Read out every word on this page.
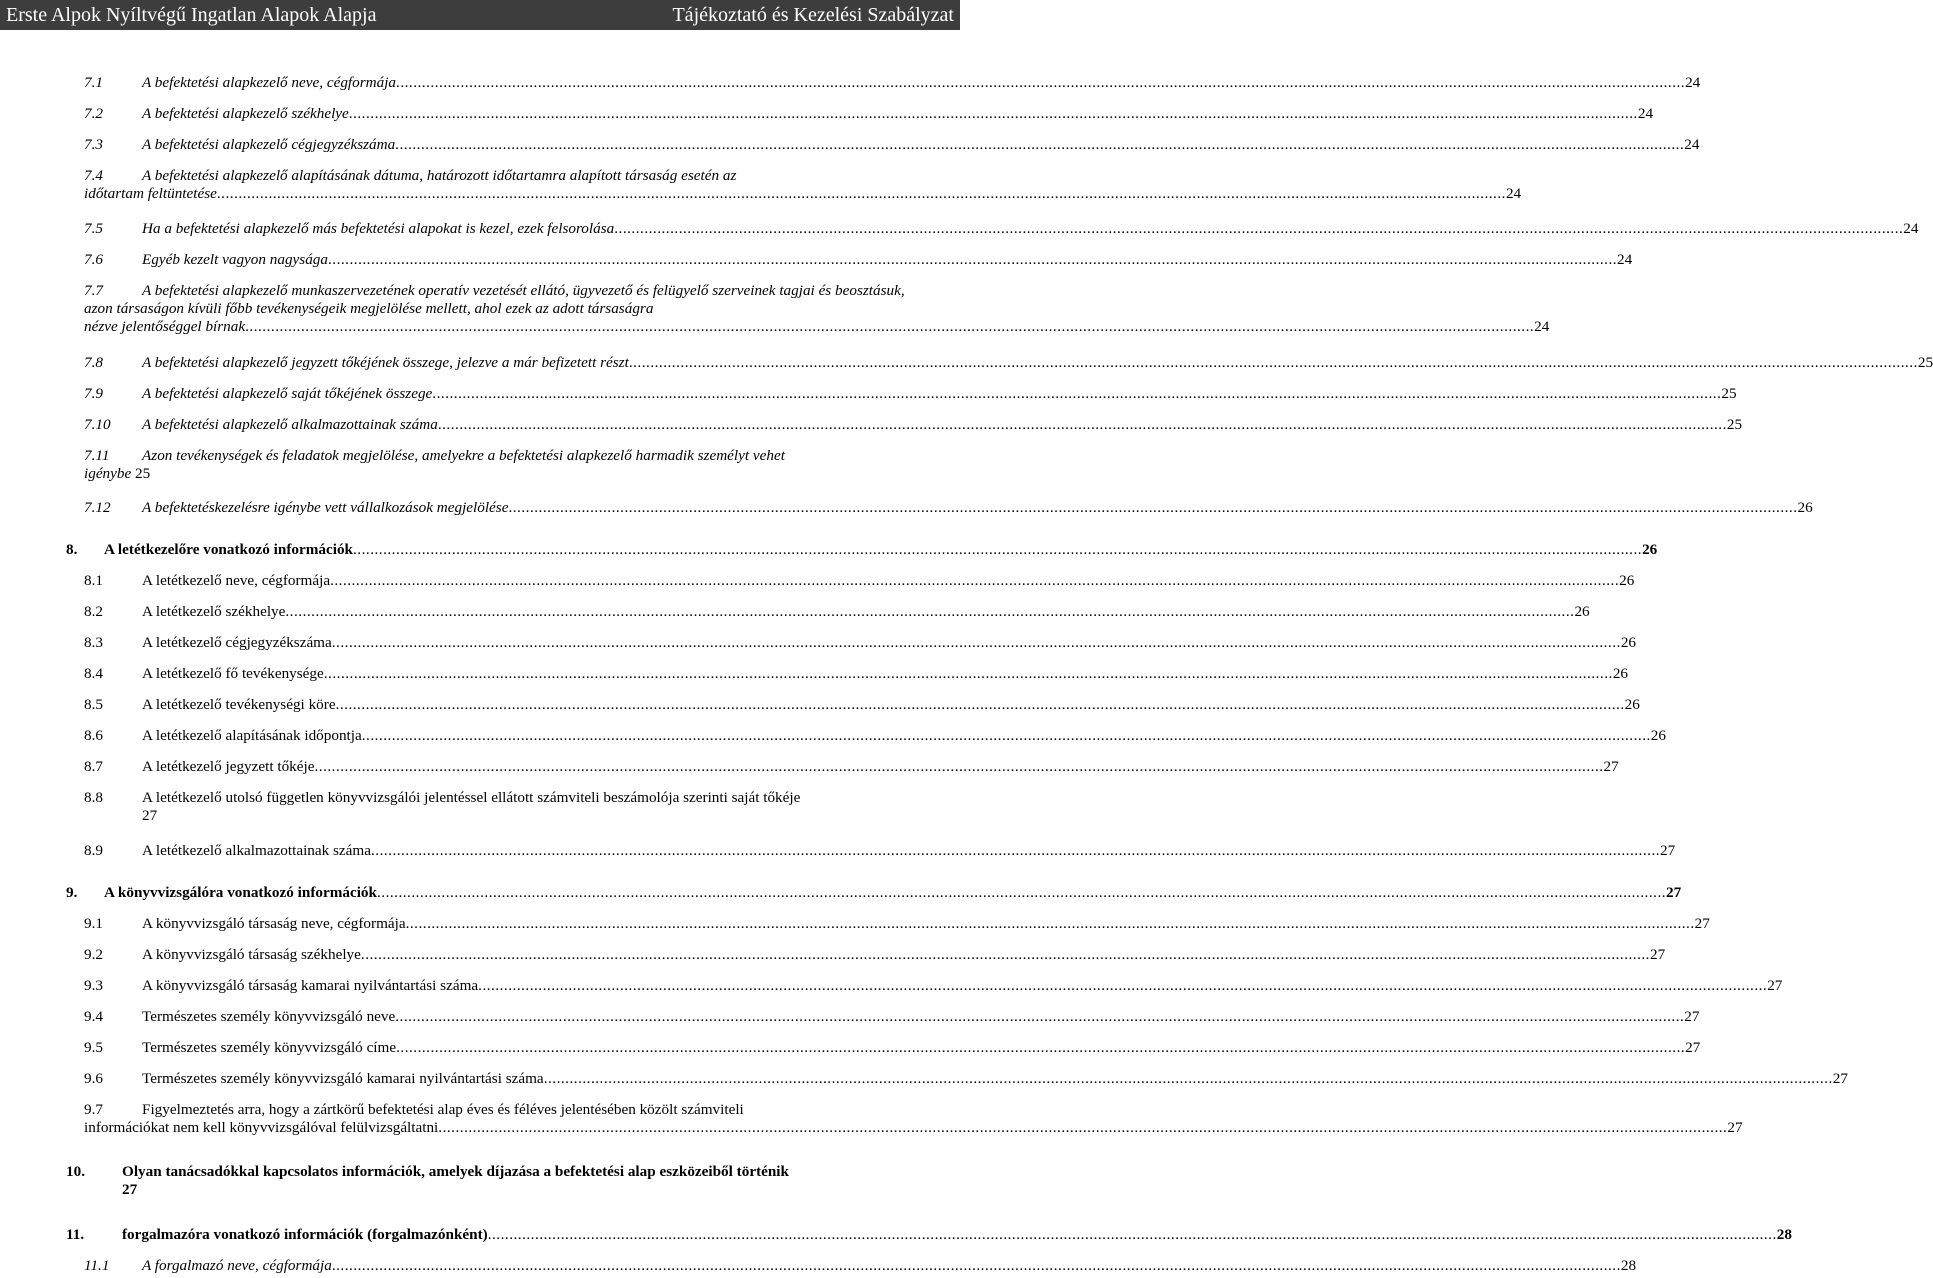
Erste Alpok Nyíltvégű Ingatlan Alapok Alapja	Tájékoztató és Kezelési Szabályzat
7.1	A befektetési alapkezelő neve, cégformája ............................................................................................................................................................................................................................................................................................................ 24
7.2	A befektetési alapkezelő székhelye ............................................................................................................................................................................................................................................................................................................ 24
7.3	A befektetési alapkezelő cégjegyzékszáma ............................................................................................................................................................................................................................................................................................................ 24
7.4	A befektetési alapkezelő alapításának dátuma, határozott időtartamra alapított társaság esetén az
időtartam feltüntetése ............................................................................................................................................................................................................................................................................................................ 24
7.5	Ha a befektetési alapkezelő más befektetési alapokat is kezel, ezek felsorolása ............................................................................................................................................................................................................................................................................................................ 24
7.6	Egyéb kezelt vagyon nagysága ............................................................................................................................................................................................................................................................................................................ 24
7.7	A befektetési alapkezelő munkaszervezetének operatív vezetését ellátó, ügyvezető és felügyelő szerveinek tagjai és beosztásuk, azon társaságon kívüli főbb tevékenységeik megjelölése mellett, ahol ezek az adott társaságra
nézve jelentőséggel bírnak ............................................................................................................................................................................................................................................................................................................ 24
7.8	A befektetési alapkezelő jegyzett tőkéjének összege, jelezve a már befizetett részt ............................................................................................................................................................................................................................................................................................................ 25
7.9	A befektetési alapkezelő saját tőkéjének összege ............................................................................................................................................................................................................................................................................................................ 25
7.10	A befektetési alapkezelő alkalmazottainak száma ............................................................................................................................................................................................................................................................................................................ 25
7.11 Azon tevékenységek és feladatok megjelölése, amelyekre a befektetési alapkezelő harmadik személyt vehet
igénybe 25
7.12	A befektetéskezelésre igénybe vett vállalkozások megjelölése ............................................................................................................................................................................................................................................................................................................ 26
8.	A letétkezelőre vonatkozó információk ............................................................................................................................................................................................................................................................................................................ 26
8.1	A letétkezelő neve, cégformája ............................................................................................................................................................................................................................................................................................................ 26
8.2	A letétkezelő székhelye ............................................................................................................................................................................................................................................................................................................ 26
8.3	A letétkezelő cégjegyzékszáma ............................................................................................................................................................................................................................................................................................................ 26
8.4	A letétkezelő fő tevékenysége ............................................................................................................................................................................................................................................................................................................ 26
8.5	A letétkezelő tevékenységi köre ............................................................................................................................................................................................................................................................................................................ 26
8.6	A letétkezelő alapításának időpontja ............................................................................................................................................................................................................................................................................................................ 26
8.7	A letétkezelő jegyzett tőkéje ............................................................................................................................................................................................................................................................................................................ 27
8.8	A letétkezelő utolsó független könyvvizsgálói jelentéssel ellátott számviteli beszámolója szerinti saját tőkéje
27
8.9	A letétkezelő alkalmazottainak száma ............................................................................................................................................................................................................................................................................................................ 27
9.	A könyvvizsgálóra vonatkozó információk ............................................................................................................................................................................................................................................................................................................ 27
9.1	A könyvvizsgáló társaság neve, cégformája ............................................................................................................................................................................................................................................................................................................ 27
9.2	A könyvvizsgáló társaság székhelye ............................................................................................................................................................................................................................................................................................................ 27
9.3	A könyvvizsgáló társaság kamarai nyilvántartási száma ............................................................................................................................................................................................................................................................................................................ 27
9.4	Természetes személy könyvvizsgáló neve ............................................................................................................................................................................................................................................................................................................ 27
9.5	Természetes személy könyvvizsgáló címe ............................................................................................................................................................................................................................................................................................................ 27
9.6	Természetes személy könyvvizsgáló kamarai nyilvántartási száma ............................................................................................................................................................................................................................................................................................................ 27
9.7	Figyelmeztetés arra, hogy a zártkörű befektetési alap éves és féléves jelentésében közölt számviteli
információkat nem kell könyvvizsgálóval felülvizsgáltatni ............................................................................................................................................................................................................................................................................................................ 27
10. Olyan tanácsadókkal kapcsolatos információk, amelyek díjazása a befektetési alap eszközeiből történik
27
11.	forgalmazóra vonatkozó információk (forgalmazónként) ............................................................................................................................................................................................................................................................................................................ 28
11.1	A forgalmazó neve, cégformája ............................................................................................................................................................................................................................................................................................................ 28
